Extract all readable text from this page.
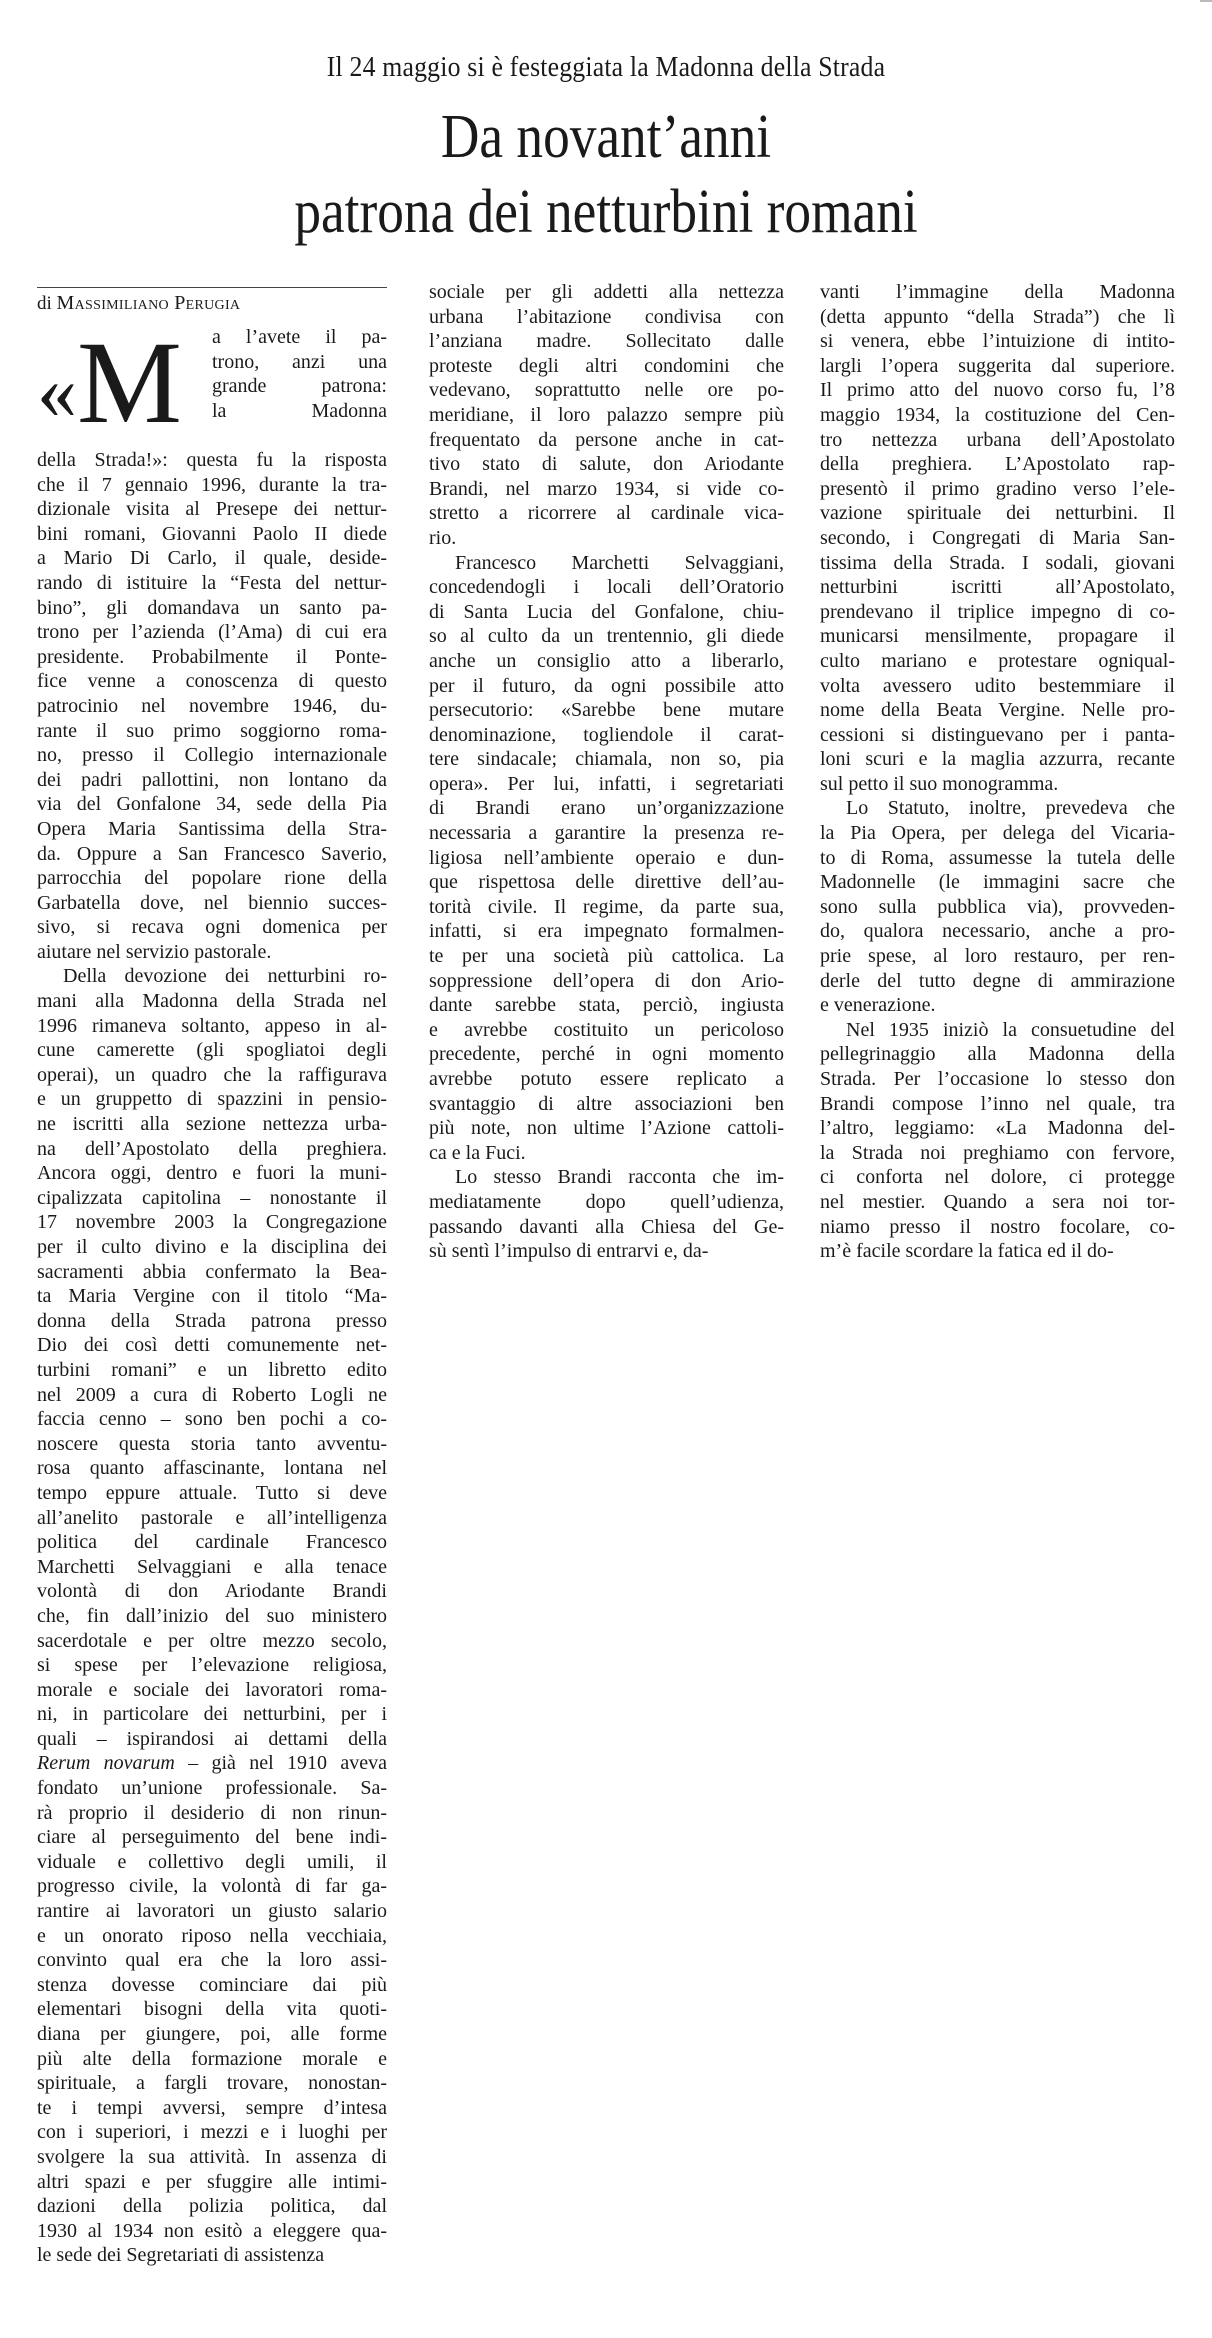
Il 24 maggio si è festeggiata la Madonna della Strada
Da novant’anni
patrona dei netturbini romani
di Massimiliano Perugia
«M a l’avete il pa-
trono, anzi una
grande patrona:
la Madonna
della Strada!»: questa fu la risposta
che il 7 gennaio 1996, durante la tra-
dizionale visita al Presepe dei nettur-
bini romani, Giovanni Paolo II diede
a Mario Di Carlo, il quale, deside-
rando di istituire la “Festa del nettur-
bino”, gli domandava un santo pa-
trono per l’azienda (l’Ama) di cui era
presidente. Probabilmente il Ponte-
fice venne a conoscenza di questo
patrocinio nel novembre 1946, du-
rante il suo primo soggiorno roma-
no, presso il Collegio internazionale
dei padri pallottini, non lontano da
via del Gonfalone 34, sede della Pia
Opera Maria Santissima della Stra-
da. Oppure a San Francesco Saverio,
parrocchia del popolare rione della
Garbatella dove, nel biennio succes-
sivo, si recava ogni domenica per
aiutare nel servizio pastorale.
Della devozione dei netturbini ro-
mani alla Madonna della Strada nel
1996 rimaneva soltanto, appeso in al-
cune camerette (gli spogliatoi degli
operai), un quadro che la raffigurava
e un gruppetto di spazzini in pensio-
ne iscritti alla sezione nettezza urba-
na dell’Apostolato della preghiera.
Ancora oggi, dentro e fuori la muni-
cipalizzata capitolina – nonostante il
17 novembre 2003 la Congregazione
per il culto divino e la disciplina dei
sacramenti abbia confermato la Bea-
ta Maria Vergine con il titolo “Ma-
donna della Strada patrona presso
Dio dei così detti comunemente net-
turbini romani” e un libretto edito
nel 2009 a cura di Roberto Logli ne
faccia cenno – sono ben pochi a co-
noscere questa storia tanto avventu-
rosa quanto affascinante, lontana nel
tempo eppure attuale. Tutto si deve
all’anelito pastorale e all’intelligenza
politica del cardinale Francesco
Marchetti Selvaggiani e alla tenace
volontà di don Ariodante Brandi
che, fin dall’inizio del suo ministero
sacerdotale e per oltre mezzo secolo,
si spese per l’elevazione religiosa,
morale e sociale dei lavoratori roma-
ni, in particolare dei netturbini, per i
quali – ispirandosi ai dettami della
Rerum novarum – già nel 1910 aveva
fondato un’unione professionale. Sa-
rà proprio il desiderio di non rinun-
ciare al perseguimento del bene indi-
viduale e collettivo degli umili, il
progresso civile, la volontà di far ga-
rantire ai lavoratori un giusto salario
e un onorato riposo nella vecchiaia,
convinto qual era che la loro assi-
stenza dovesse cominciare dai più
elementari bisogni della vita quoti-
diana per giungere, poi, alle forme
più alte della formazione morale e
spirituale, a fargli trovare, nonostan-
te i tempi avversi, sempre d’intesa
con i superiori, i mezzi e i luoghi per
svolgere la sua attività. In assenza di
altri spazi e per sfuggire alle intimi-
dazioni della polizia politica, dal
1930 al 1934 non esitò a eleggere qua-
le sede dei Segretariati di assistenza
sociale per gli addetti alla nettezza
urbana l’abitazione condivisa con
l’anziana madre. Sollecitato dalle
proteste degli altri condomini che
vedevano, soprattutto nelle ore po-
meridiane, il loro palazzo sempre più
frequentato da persone anche in cat-
tivo stato di salute, don Ariodante
Brandi, nel marzo 1934, si vide co-
stretto a ricorrere al cardinale vica-
rio.
Francesco Marchetti Selvaggiani,
concedendogli i locali dell’Oratorio
di Santa Lucia del Gonfalone, chiu-
so al culto da un trentennio, gli diede
anche un consiglio atto a liberarlo,
per il futuro, da ogni possibile atto
persecutorio: «Sarebbe bene mutare
denominazione, togliendole il carat-
tere sindacale; chiamala, non so, pia
opera». Per lui, infatti, i segretariati
di Brandi erano un’organizzazione
necessaria a garantire la presenza re-
ligiosa nell’ambiente operaio e dun-
que rispettosa delle direttive dell’au-
torità civile. Il regime, da parte sua,
infatti, si era impegnato formalmen-
te per una società più cattolica. La
soppressione dell’opera di don Ario-
dante sarebbe stata, perciò, ingiusta
e avrebbe costituito un pericoloso
precedente, perché in ogni momento
avrebbe potuto essere replicato a
svantaggio di altre associazioni ben
più note, non ultime l’Azione cattoli-
ca e la Fuci.
Lo stesso Brandi racconta che im-
mediatamente dopo quell’udienza,
passando davanti alla Chiesa del Ge-
sù sentì l’impulso di entrarvi e, da-
vanti l’immagine della Madonna
(detta appunto “della Strada”) che lì
si venera, ebbe l’intuizione di intito-
largli l’opera suggerita dal superiore.
Il primo atto del nuovo corso fu, l’8
maggio 1934, la costituzione del Cen-
tro nettezza urbana dell’Apostolato
della preghiera. L’Apostolato rap-
presentò il primo gradino verso l’ele-
vazione spirituale dei netturbini. Il
secondo, i Congregati di Maria San-
tissima della Strada. I sodali, giovani
netturbini iscritti all’Apostolato,
prendevano il triplice impegno di co-
municarsi mensilmente, propagare il
culto mariano e protestare ogniqual-
volta avessero udito bestemmiare il
nome della Beata Vergine. Nelle pro-
cessioni si distinguevano per i panta-
loni scuri e la maglia azzurra, recante
sul petto il suo monogramma.
Lo Statuto, inoltre, prevedeva che
la Pia Opera, per delega del Vicaria-
to di Roma, assumesse la tutela delle
Madonnelle (le immagini sacre che
sono sulla pubblica via), provveden-
do, qualora necessario, anche a pro-
prie spese, al loro restauro, per ren-
derle del tutto degne di ammirazione
e venerazione.
Nel 1935 iniziò la consuetudine del
pellegrinaggio alla Madonna della
Strada. Per l’occasione lo stesso don
Brandi compose l’inno nel quale, tra
l’altro, leggiamo: «La Madonna del-
la Strada noi preghiamo con fervore,
ci conforta nel dolore, ci protegge
nel mestier. Quando a sera noi tor-
niamo presso il nostro focolare, co-
m’è facile scordare la fatica ed il do-
